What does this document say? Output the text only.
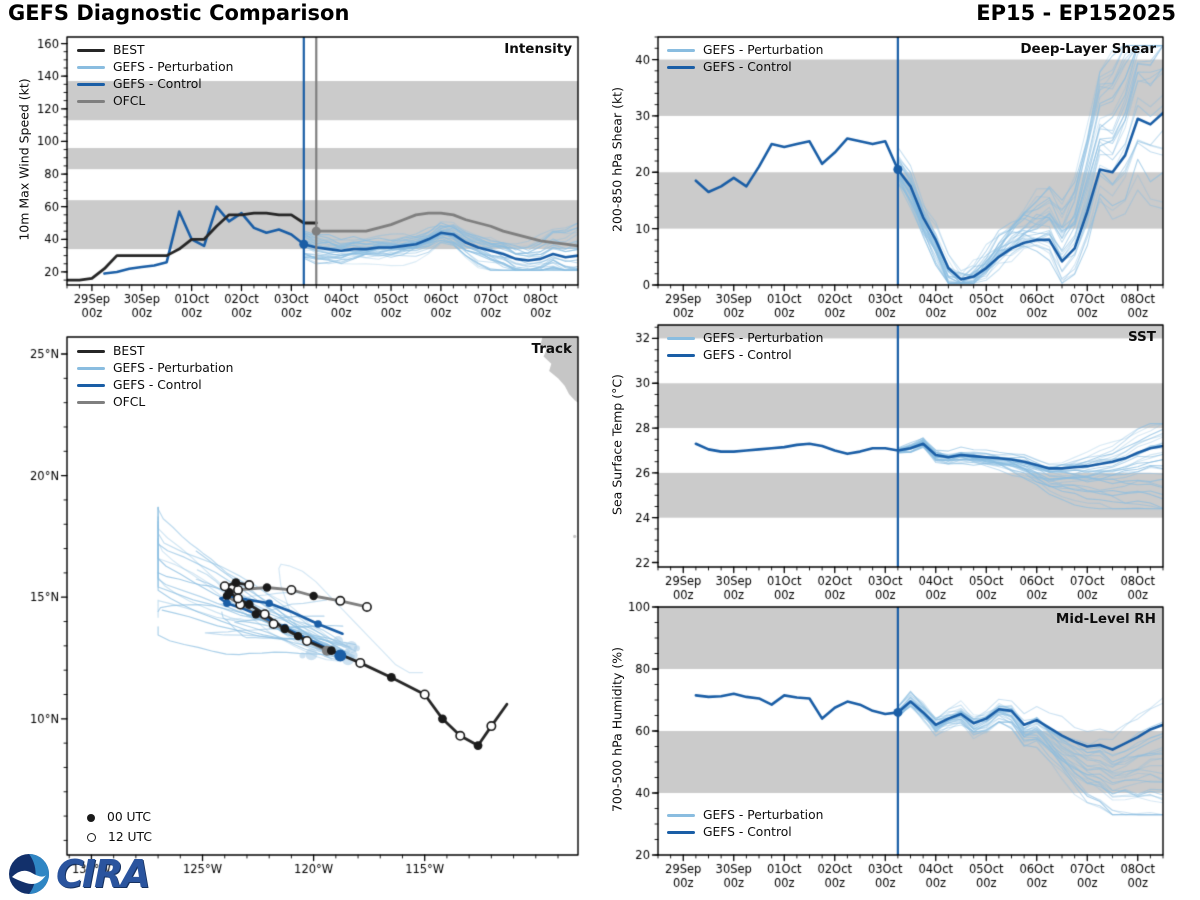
GEFS Diagnostic Comparison	EP15 - EP152025
Intensity	Deep-Layer Shear
SST
Mid-Level RH
Track
10m Max Wind Speed (kt)	200-850 hPa Shear (kt)
Sea Surface Temp (°C)
700-500 hPa Humidity (%)
BEST
GEFS - Perturbation
GEFS - Control
OFCL
BEST
GEFS - Perturbation
GEFS - Control
OFCL
GEFS - Perturbation
GEFS - Control
GEFS - Perturbation
GEFS - Control
GEFS - Perturbation
GEFS - Control
00 UTC
12 UTC
CIRA
